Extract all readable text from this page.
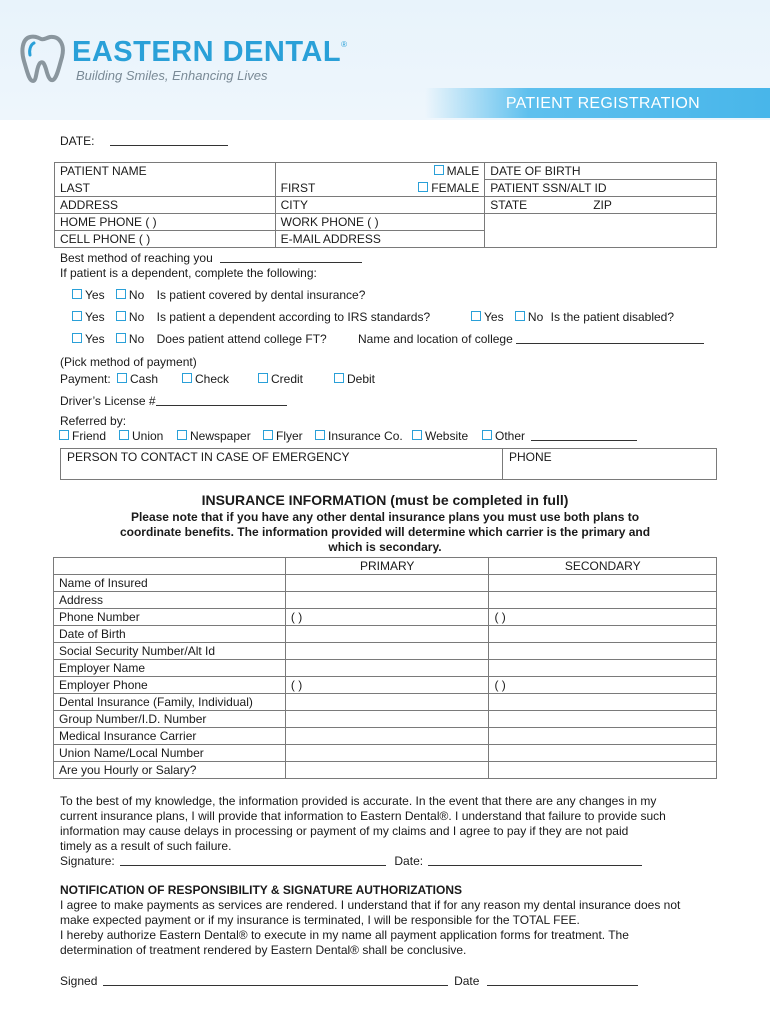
EASTERN DENTAL®
Building Smiles, Enhancing Lives
PATIENT REGISTRATION
DATE:
PATIENT NAME	MALE	DATE OF BIRTH
LAST	FIRST FEMALE	PATIENT SSN/ALT ID
ADDRESS	CITY	STATE ZIP
HOME PHONE ( )	WORK PHONE ( )	
CELL PHONE ( )	E-MAIL ADDRESS	
Best method of reaching you
If patient is a dependent, complete the following:
Yes No Is patient covered by dental insurance?
Yes No Is patient a dependent according to IRS standards?	Yes No Is the patient disabled?
Yes No Does patient attend college FT?	Name and location of college
(Pick method of payment)
Payment:	Cash	Check	Credit	Debit
Driver’s License #
Referred by:
Friend	Union	Newspaper	Flyer	Insurance Co.	Website	Other
PERSON TO CONTACT IN CASE OF EMERGENCY	PHONE
INSURANCE INFORMATION (must be completed in full)
Please note that if you have any other dental insurance plans you must use both plans to
coordinate benefits. The information provided will determine which carrier is the primary and
which is secondary.
	PRIMARY	SECONDARY
Name of Insured		
Address		
Phone Number	( )	( )
Date of Birth		
Social Security Number/Alt Id		
Employer Name		
Employer Phone	( )	( )
Dental Insurance (Family, Individual)		
Group Number/I.D. Number		
Medical Insurance Carrier		
Union Name/Local Number		
Are you Hourly or Salary?		
To the best of my knowledge, the information provided is accurate. In the event that there are any changes in my
current insurance plans, I will provide that information to Eastern Dental®. I understand that failure to provide such
information may cause delays in processing or payment of my claims and I agree to pay if they are not paid
timely as a result of such failure.
Signature:	Date:
NOTIFICATION OF RESPONSIBILITY & SIGNATURE AUTHORIZATIONS
I agree to make payments as services are rendered. I understand that if for any reason my dental insurance does not
make expected payment or if my insurance is terminated, I will be responsible for the TOTAL FEE.
I hereby authorize Eastern Dental® to execute in my name all payment application forms for treatment. The
determination of treatment rendered by Eastern Dental® shall be conclusive.
Signed	Date
